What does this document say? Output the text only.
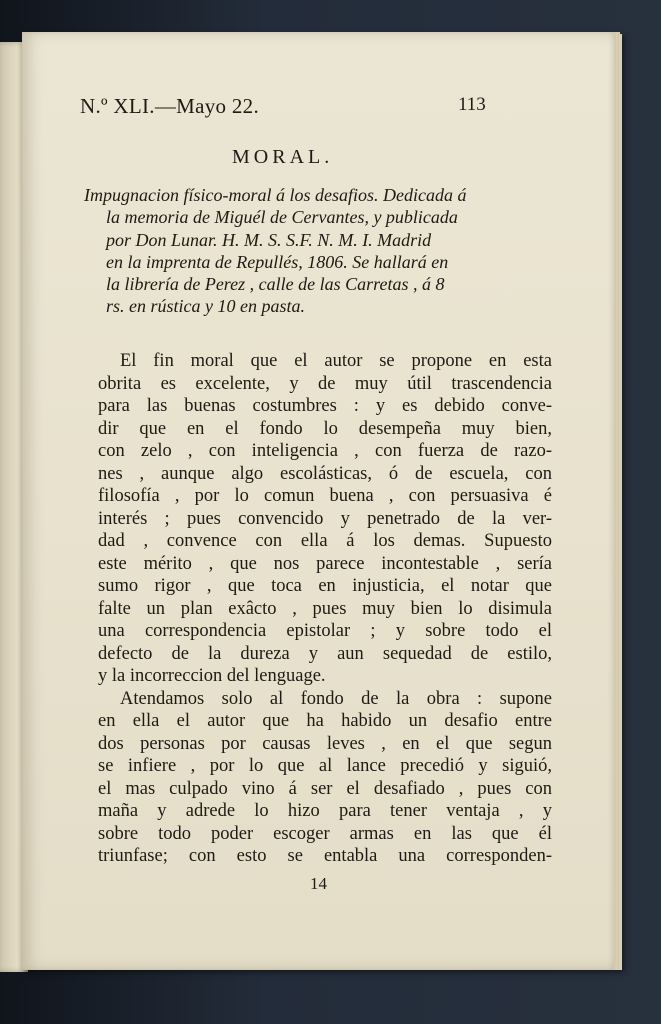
N.º XLI.—Mayo 22.	113
MORAL.
Impugnacion físico-moral á los desafios. Dedicada á
la memoria de Miguél de Cervantes, y publicada
por Don Lunar. H. M. S. S.F. N. M. I. Madrid
en la imprenta de Repullés, 1806. Se hallará en
la librería de Perez , calle de las Carretas , á 8
rs. en rústica y 10 en pasta.
El fin moral que el autor se propone en esta
obrita es excelente, y de muy útil trascendencia
para las buenas costumbres : y es debido conve-
dir que en el fondo lo desempeña muy bien,
con zelo , con inteligencia , con fuerza de razo-
nes , aunque algo escolásticas, ó de escuela, con
filosofía , por lo comun buena , con persuasiva é
interés ; pues convencido y penetrado de la ver-
dad , convence con ella á los demas. Supuesto
este mérito , que nos parece incontestable , sería
sumo rigor , que toca en injusticia, el notar que
falte un plan exâcto , pues muy bien lo disimula
una correspondencia epistolar ; y sobre todo el
defecto de la dureza y aun sequedad de estilo,
y la incorreccion del lenguage.
Atendamos solo al fondo de la obra : supone
en ella el autor que ha habido un desafio entre
dos personas por causas leves , en el que segun
se infiere , por lo que al lance precedió y siguió,
el mas culpado vino á ser el desafiado , pues con
maña y adrede lo hizo para tener ventaja , y
sobre todo poder escoger armas en las que él
triunfase; con esto se entabla una corresponden-
14
